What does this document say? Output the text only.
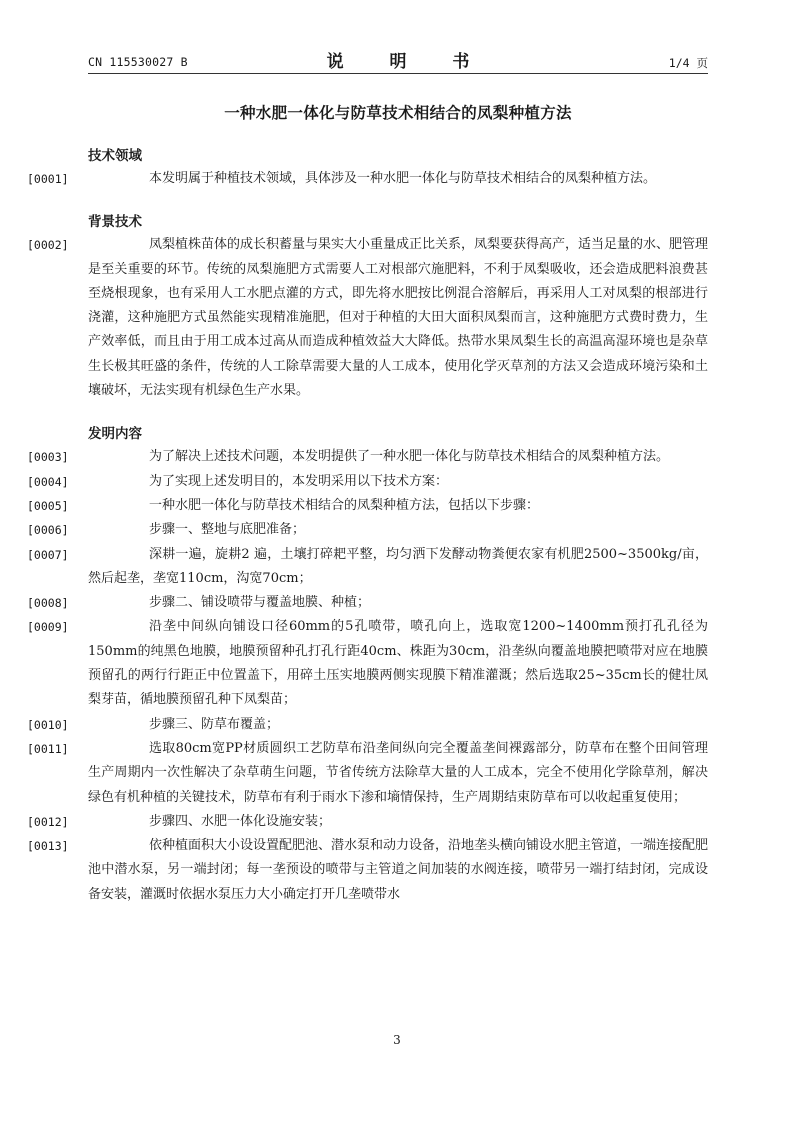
CN 115530027 B	说 明 书	1/4 页
一种水肥一体化与防草技术相结合的凤梨种植方法
技术领域

[0001]	本发明属于种植技术领域，具体涉及一种水肥一体化与防草技术相结合的凤梨种植方法。

背景技术

[0002]	凤梨植株苗体的成长积蓄量与果实大小重量成正比关系，凤梨要获得高产，适当足量的水、肥管理是至关重要的环节。传统的凤梨施肥方式需要人工对根部穴施肥料，不利于凤梨吸收，还会造成肥料浪费甚至烧根现象，也有采用人工水肥点灌的方式，即先将水肥按比例混合溶解后，再采用人工对凤梨的根部进行浇灌，这种施肥方式虽然能实现精准施肥，但对于种植的大田大面积凤梨而言，这种施肥方式费时费力，生产效率低，而且由于用工成本过高从而造成种植效益大大降低。热带水果凤梨生长的高温高湿环境也是杂草生长极其旺盛的条件，传统的人工除草需要大量的人工成本，使用化学灭草剂的方法又会造成环境污染和土壤破坏，无法实现有机绿色生产水果。

发明内容

[0003]	为了解决上述技术问题，本发明提供了一种水肥一体化与防草技术相结合的凤梨种植方法。

[0004]	为了实现上述发明目的，本发明采用以下技术方案：

[0005]	一种水肥一体化与防草技术相结合的凤梨种植方法，包括以下步骤：

[0006]	步骤一、整地与底肥准备；

[0007]	深耕一遍，旋耕2 遍，土壤打碎耙平整，均匀洒下发酵动物粪便农家有机肥2500~3500kg/亩，然后起垄，垄宽110cm，沟宽70cm；

[0008]	步骤二、铺设喷带与覆盖地膜、种植；

[0009]	沿垄中间纵向铺设口径60mm的5孔喷带，喷孔向上，选取宽1200~1400mm预打孔孔径为150mm的纯黑色地膜，地膜预留种孔打孔行距40cm、株距为30cm，沿垄纵向覆盖地膜把喷带对应在地膜预留孔的两行行距正中位置盖下，用碎土压实地膜两侧实现膜下精准灌溉；然后选取25~35cm长的健壮凤梨芽苗，循地膜预留孔种下凤梨苗；

[0010]	步骤三、防草布覆盖；

[0011]	选取80cm宽PP材质圆织工艺防草布沿垄间纵向完全覆盖垄间裸露部分，防草布在整个田间管理生产周期内一次性解决了杂草萌生问题，节省传统方法除草大量的人工成本，完全不使用化学除草剂，解决绿色有机种植的关键技术，防草布有利于雨水下渗和墒情保持，生产周期结束防草布可以收起重复使用；

[0012]	步骤四、水肥一体化设施安装；

[0013]	依种植面积大小设设置配肥池、潜水泵和动力设备，沿地垄头横向铺设水肥主管道，一端连接配肥池中潜水泵，另一端封闭；每一垄预设的喷带与主管道之间加装的水阀连接，喷带另一端打结封闭，完成设备安装，灌溉时依据水泵压力大小确定打开几垄喷带水

3
